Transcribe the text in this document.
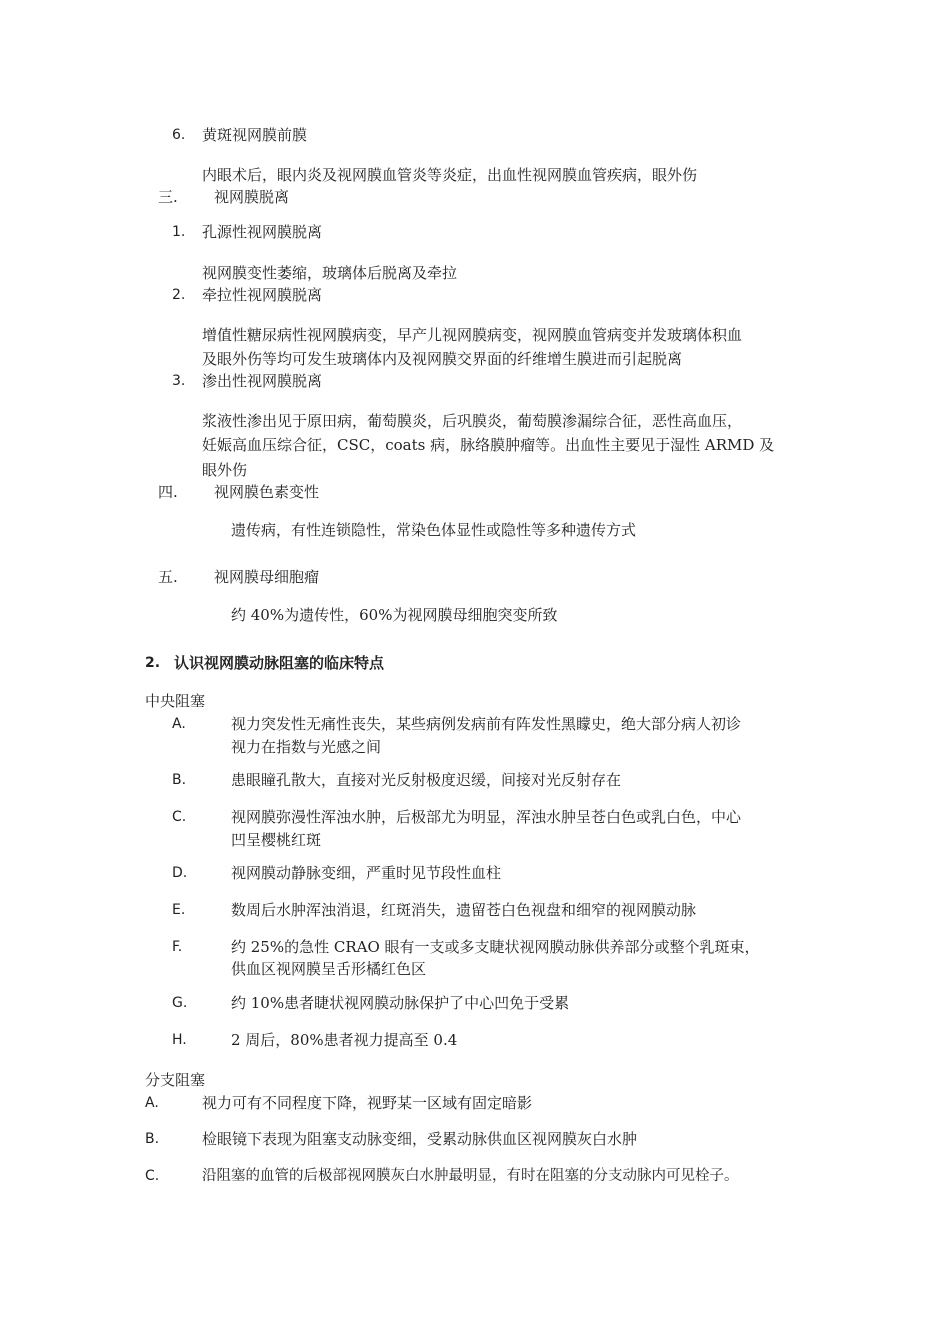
6. 黄斑视网膜前膜
内眼术后，眼内炎及视网膜血管炎等炎症，出血性视网膜血管疾病，眼外伤
三. 视网膜脱离
1. 孔源性视网膜脱离
视网膜变性萎缩，玻璃体后脱离及牵拉
2. 牵拉性视网膜脱离
增值性糖尿病性视网膜病变，早产儿视网膜病变，视网膜血管病变并发玻璃体积血
及眼外伤等均可发生玻璃体内及视网膜交界面的纤维增生膜进而引起脱离
3. 渗出性视网膜脱离
浆液性渗出见于原田病，葡萄膜炎，后巩膜炎，葡萄膜渗漏综合征，恶性高血压，
妊娠高血压综合征，CSC，coats 病，脉络膜肿瘤等。出血性主要见于湿性 ARMD 及
眼外伤
四. 视网膜色素变性
遗传病，有性连锁隐性，常染色体显性或隐性等多种遗传方式
五. 视网膜母细胞瘤
约 40%为遗传性，60%为视网膜母细胞突变所致
2. 认识视网膜动脉阻塞的临床特点
中央阻塞
A.	视力突发性无痛性丧失，某些病例发病前有阵发性黑矇史，绝大部分病人初诊
视力在指数与光感之间
B.	患眼瞳孔散大，直接对光反射极度迟缓，间接对光反射存在
C.	视网膜弥漫性浑浊水肿，后极部尤为明显，浑浊水肿呈苍白色或乳白色，中心
凹呈樱桃红斑
D.	视网膜动静脉变细，严重时见节段性血柱
E.	数周后水肿浑浊消退，红斑消失，遗留苍白色视盘和细窄的视网膜动脉
F.	约 25%的急性 CRAO 眼有一支或多支睫状视网膜动脉供养部分或整个乳斑束，
供血区视网膜呈舌形橘红色区
G.	约 10%患者睫状视网膜动脉保护了中心凹免于受累
H.	2 周后，80%患者视力提高至 0.4
分支阻塞
A.	视力可有不同程度下降，视野某一区域有固定暗影
B.	检眼镜下表现为阻塞支动脉变细，受累动脉供血区视网膜灰白水肿
C.	沿阻塞的血管的后极部视网膜灰白水肿最明显，有时在阻塞的分支动脉内可见栓子。
